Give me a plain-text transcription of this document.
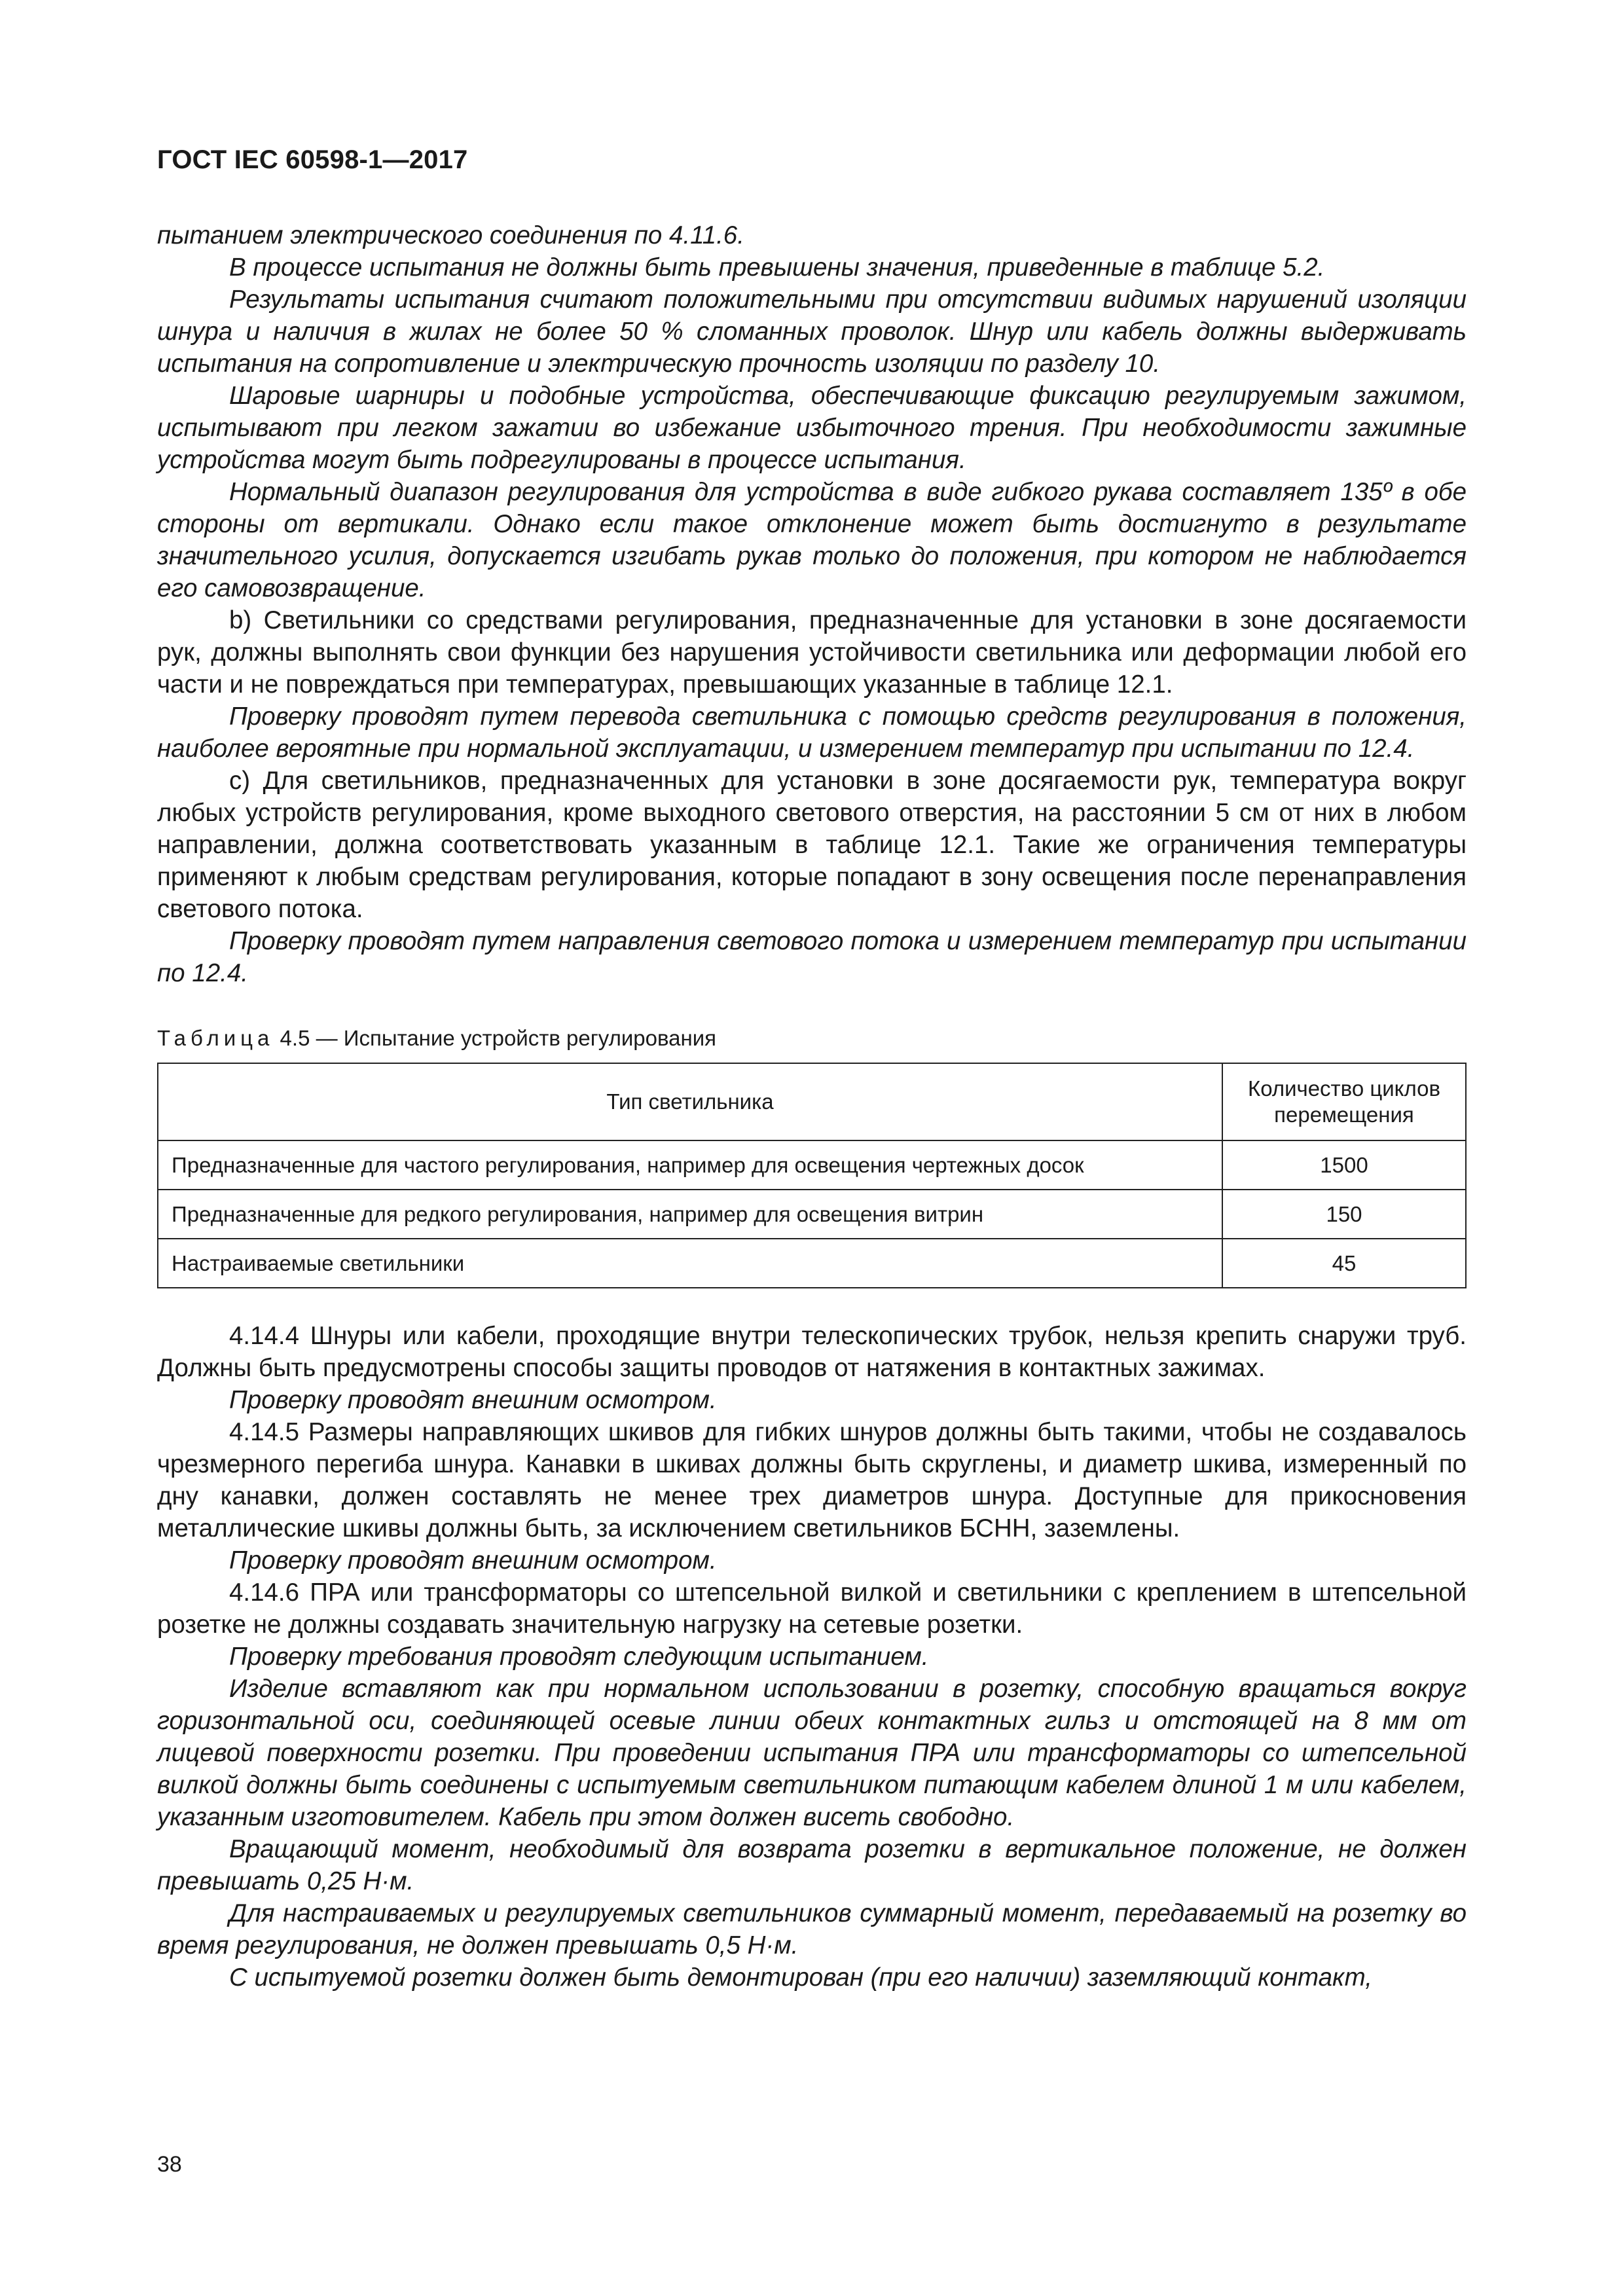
ГОСТ IEC 60598-1—2017

пытанием электрического соединения по 4.11.6.

В процессе испытания не должны быть превышены значения, приведенные в таблице 5.2.

Результаты испытания считают положительными при отсутствии видимых нарушений изоляции шнура и наличия в жилах не более 50 % сломанных проволок. Шнур или кабель должны выдерживать испытания на сопротивление и электрическую прочность изоляции по разделу 10.

Шаровые шарниры и подобные устройства, обеспечивающие фиксацию регулируемым зажимом, испытывают при легком зажатии во избежание избыточного трения. При необходимости зажимные устройства могут быть подрегулированы в процессе испытания.

Нормальный диапазон регулирования для устройства в виде гибкого рукава составляет 135º в обе стороны от вертикали. Однако если такое отклонение может быть достигнуто в результате значительного усилия, допускается изгибать рукав только до положения, при котором не наблюдается его самовозвращение.

b) Светильники со средствами регулирования, предназначенные для установки в зоне досягаемости рук, должны выполнять свои функции без нарушения устойчивости светильника или деформации любой его части и не повреждаться при температурах, превышающих указанные в таблице 12.1.

Проверку проводят путем перевода светильника с помощью средств регулирования в положения, наиболее вероятные при нормальной эксплуатации, и измерением температур при испытании по 12.4.

с) Для светильников, предназначенных для установки в зоне досягаемости рук, температура вокруг любых устройств регулирования, кроме выходного светового отверстия, на расстоянии 5 см от них в любом направлении, должна соответствовать указанным в таблице 12.1. Такие же ограничения температуры применяют к любым средствам регулирования, которые попадают в зону освещения после перенаправления светового потока.

Проверку проводят путем направления светового потока и измерением температур при испытании по 12.4.

Таблица 4.5 — Испытание устройств регулирования

Тип светильника	Количество циклов перемещения
Предназначенные для частого регулирования, например для освещения чертежных досок	1500
Предназначенные для редкого регулирования, например для освещения витрин	150
Настраиваемые светильники	45

4.14.4 Шнуры или кабели, проходящие внутри телескопических трубок, нельзя крепить снаружи труб. Должны быть предусмотрены способы защиты проводов от натяжения в контактных зажимах.

Проверку проводят внешним осмотром.

4.14.5 Размеры направляющих шкивов для гибких шнуров должны быть такими, чтобы не создавалось чрезмерного перегиба шнура. Канавки в шкивах должны быть скруглены, и диаметр шкива, измеренный по дну канавки, должен составлять не менее трех диаметров шнура. Доступные для прикосновения металлические шкивы должны быть, за исключением светильников БСНН, заземлены.

Проверку проводят внешним осмотром.

4.14.6 ПРА или трансформаторы со штепсельной вилкой и светильники с креплением в штепсельной розетке не должны создавать значительную нагрузку на сетевые розетки.

Проверку требования проводят следующим испытанием.

Изделие вставляют как при нормальном использовании в розетку, способную вращаться вокруг горизонтальной оси, соединяющей осевые линии обеих контактных гильз и отстоящей на 8 мм от лицевой поверхности розетки. При проведении испытания ПРА или трансформаторы со штепсельной вилкой должны быть соединены с испытуемым светильником питающим кабелем длиной 1 м или кабелем, указанным изготовителем. Кабель при этом должен висеть свободно.

Вращающий момент, необходимый для возврата розетки в вертикальное положение, не должен превышать 0,25 Н·м.

Для настраиваемых и регулируемых светильников суммарный момент, передаваемый на розетку во время регулирования, не должен превышать 0,5 Н·м.

С испытуемой розетки должен быть демонтирован (при его наличии) заземляющий контакт,

38
